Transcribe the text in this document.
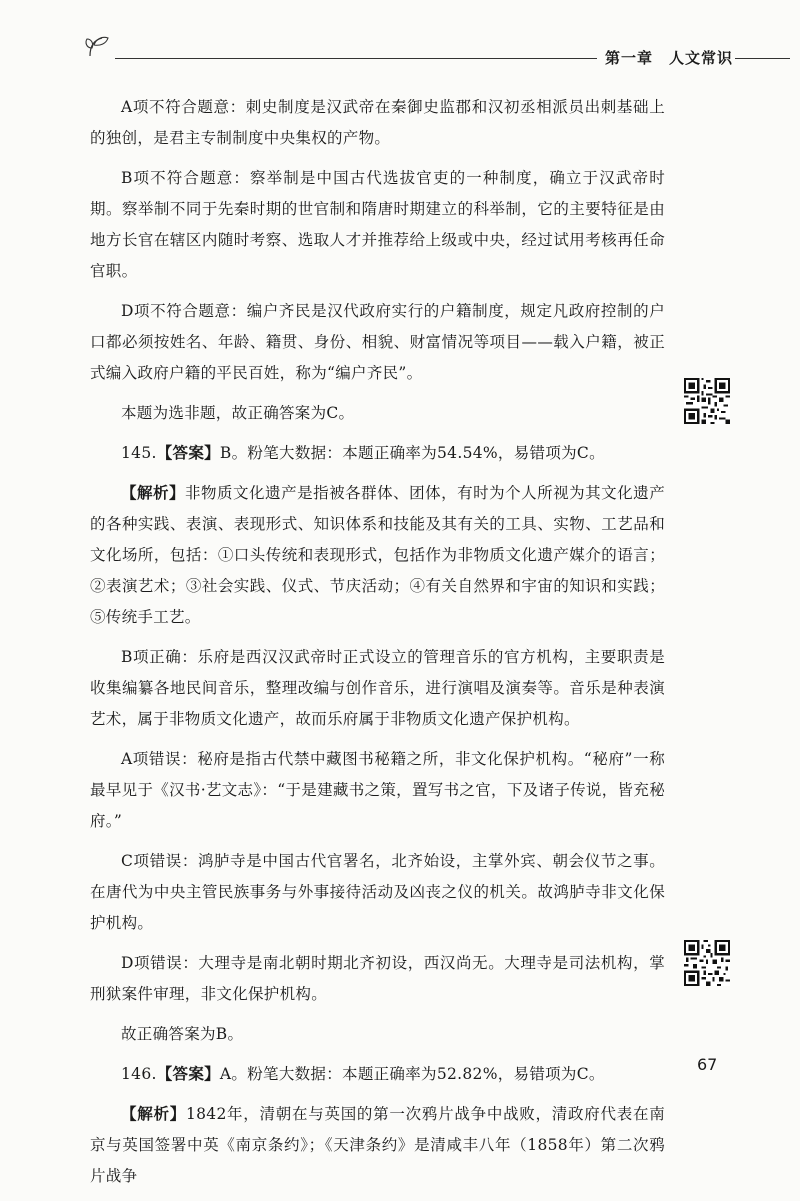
第一章　人文常识

A项不符合题意：刺史制度是汉武帝在秦御史监郡和汉初丞相派员出刺基础上的独创，是君主专制制度中央集权的产物。

B项不符合题意：察举制是中国古代选拔官吏的一种制度，确立于汉武帝时期。察举制不同于先秦时期的世官制和隋唐时期建立的科举制，它的主要特征是由地方长官在辖区内随时考察、选取人才并推荐给上级或中央，经过试用考核再任命官职。

D项不符合题意：编户齐民是汉代政府实行的户籍制度，规定凡政府控制的户口都必须按姓名、年龄、籍贯、身份、相貌、财富情况等项目——载入户籍，被正式编入政府户籍的平民百姓，称为“编户齐民”。

本题为选非题，故正确答案为C。

145.【答案】B。粉笔大数据：本题正确率为54.54%，易错项为C。

【解析】非物质文化遗产是指被各群体、团体，有时为个人所视为其文化遗产的各种实践、表演、表现形式、知识体系和技能及其有关的工具、实物、工艺品和文化场所，包括：①口头传统和表现形式，包括作为非物质文化遗产媒介的语言；②表演艺术；③社会实践、仪式、节庆活动；④有关自然界和宇宙的知识和实践；⑤传统手工艺。

B项正确：乐府是西汉汉武帝时正式设立的管理音乐的官方机构，主要职责是收集编纂各地民间音乐，整理改编与创作音乐，进行演唱及演奏等。音乐是种表演艺术，属于非物质文化遗产，故而乐府属于非物质文化遗产保护机构。

A项错误：秘府是指古代禁中藏图书秘籍之所，非文化保护机构。“秘府”一称最早见于《汉书·艺文志》：“于是建藏书之策，置写书之官，下及诸子传说，皆充秘府。”

C项错误：鸿胪寺是中国古代官署名，北齐始设，主掌外宾、朝会仪节之事。在唐代为中央主管民族事务与外事接待活动及凶丧之仪的机关。故鸿胪寺非文化保护机构。

D项错误：大理寺是南北朝时期北齐初设，西汉尚无。大理寺是司法机构，掌刑狱案件审理，非文化保护机构。

故正确答案为B。

146.【答案】A。粉笔大数据：本题正确率为52.82%，易错项为C。

【解析】1842年，清朝在与英国的第一次鸦片战争中战败，清政府代表在南京与英国签署中英《南京条约》；《天津条约》是清咸丰八年（1858年）第二次鸦片战争

67
